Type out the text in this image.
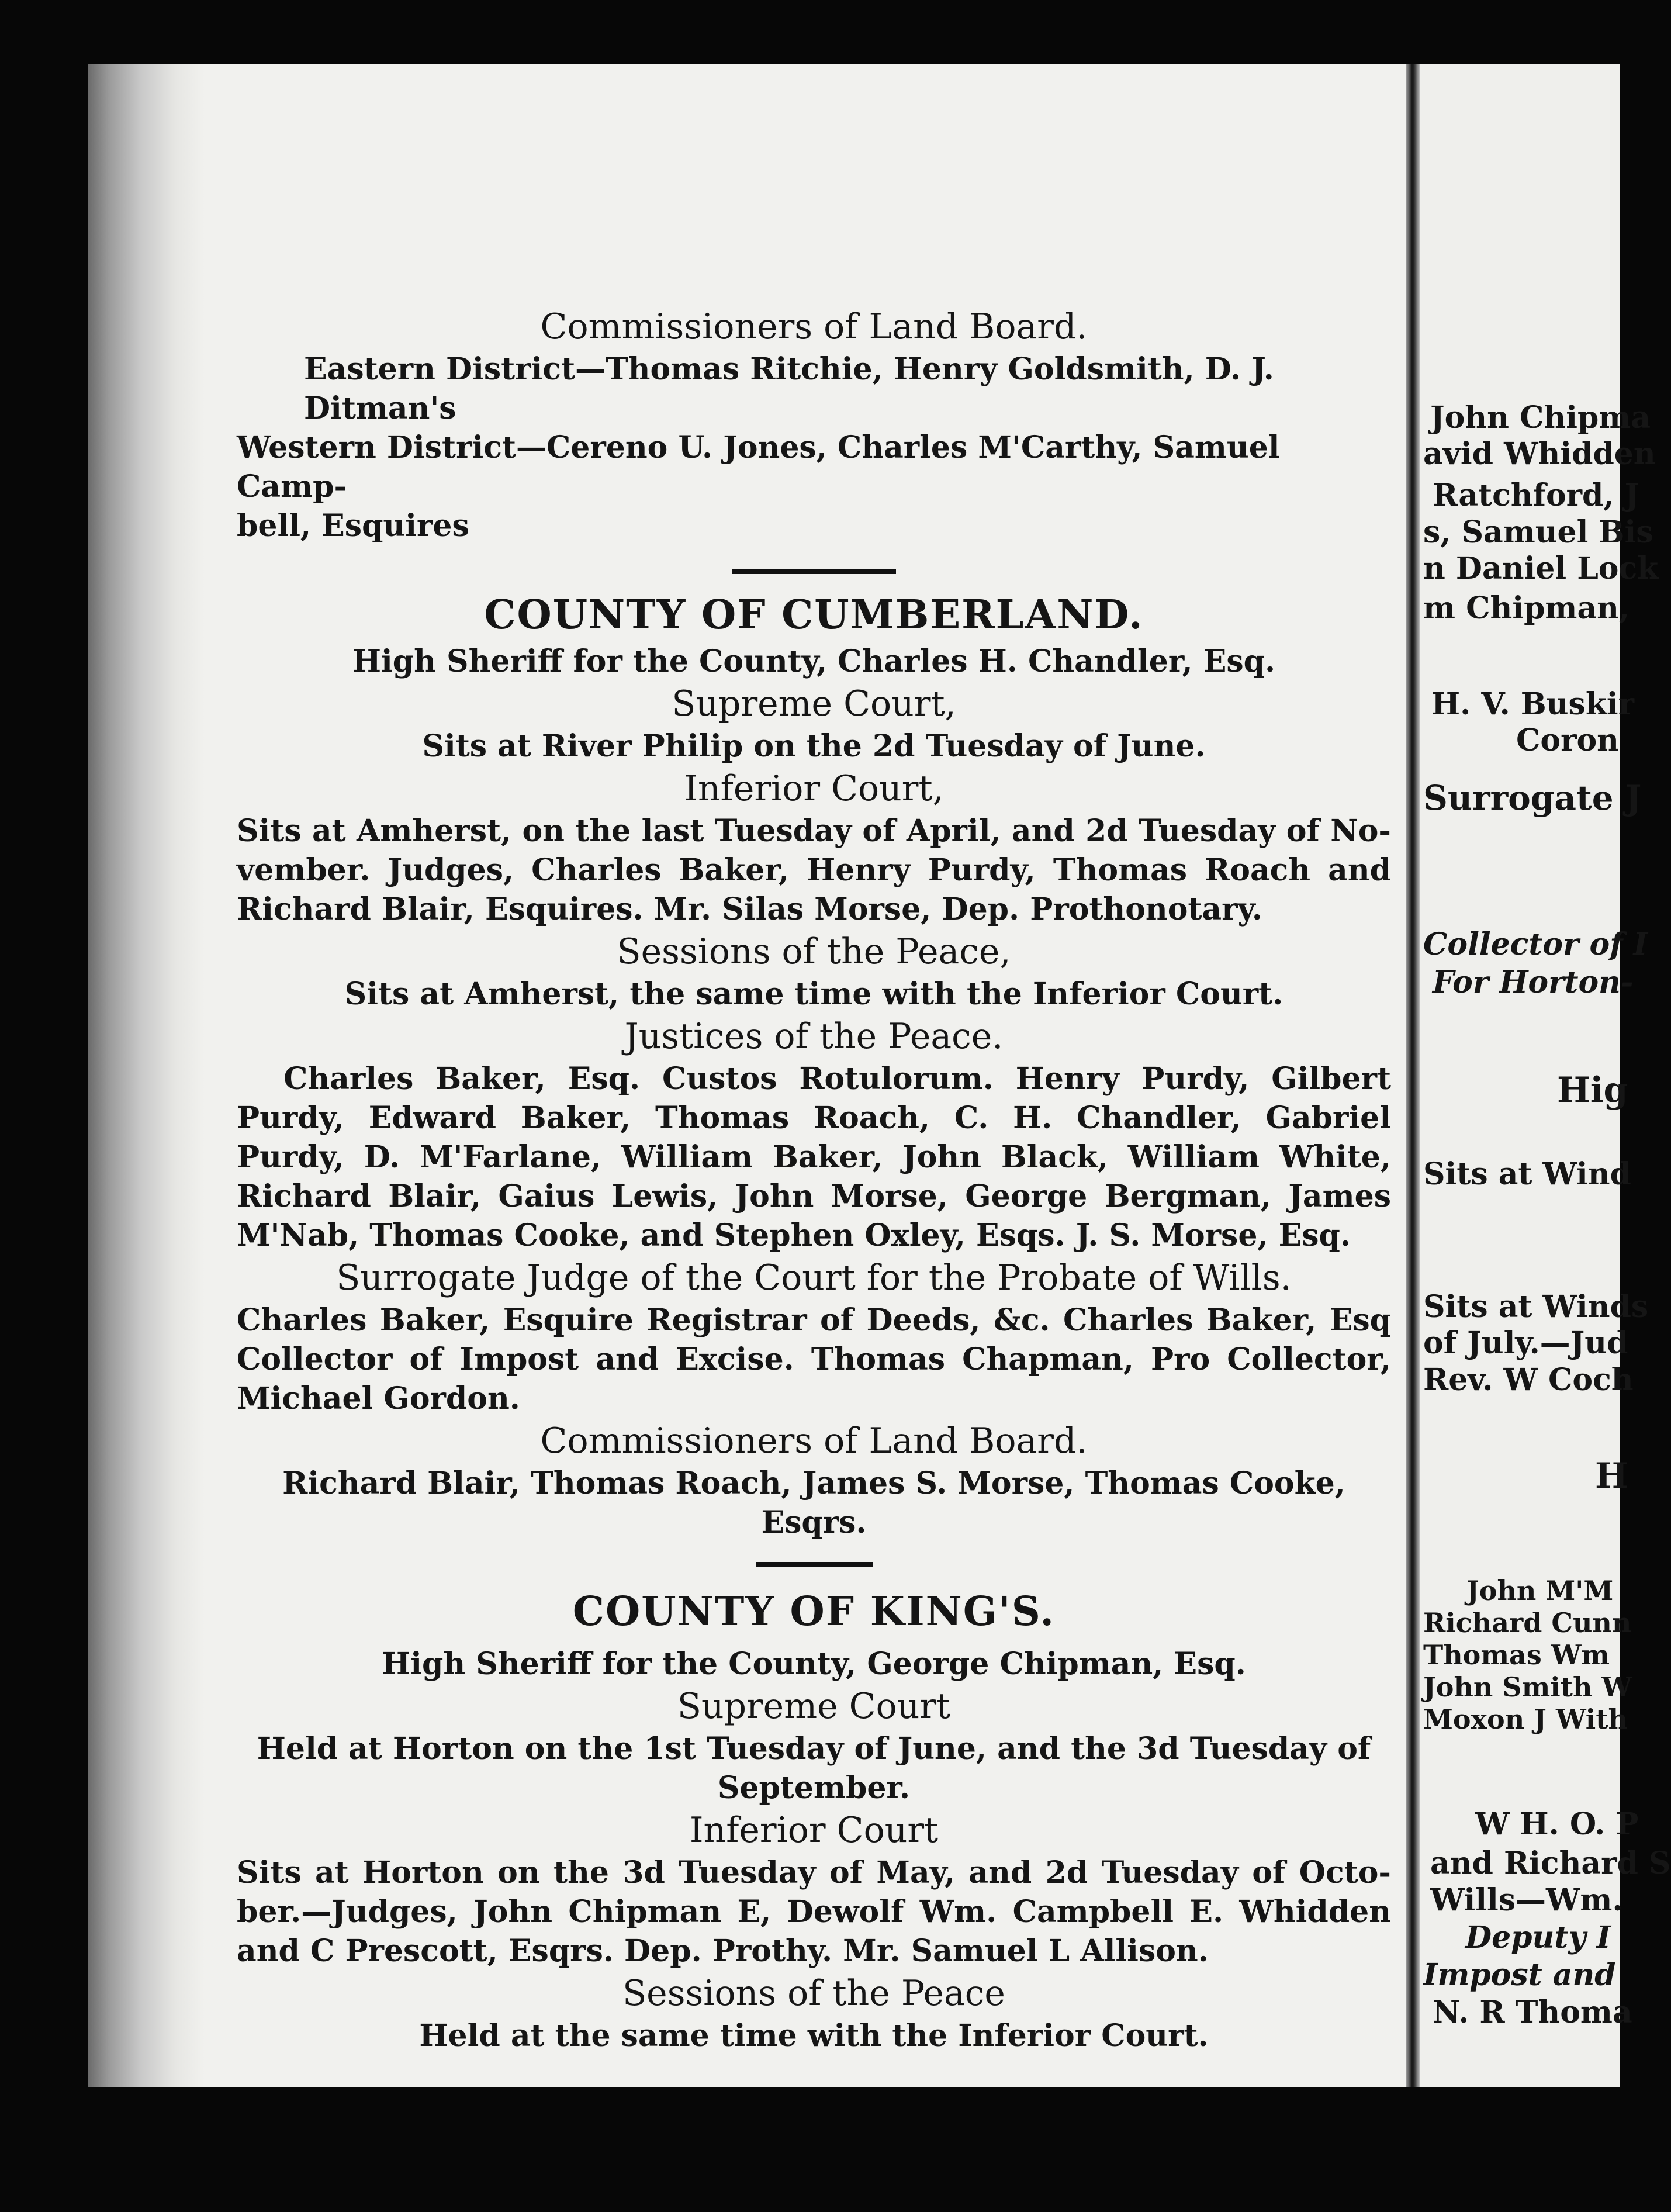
Commissioners of Land Board.
Eastern District—Thomas Ritchie, Henry Goldsmith, D. J. Ditman's
Western District—Cereno U. Jones, Charles M'Carthy, Samuel Camp-
bell, Esquires
COUNTY OF CUMBERLAND.
High Sheriff for the County, Charles H. Chandler, Esq.
Supreme Court,
Sits at River Philip on the 2d Tuesday of June.
Inferior Court,
Sits at Amherst, on the last Tuesday of April, and 2d Tuesday of No-vember. Judges, Charles Baker, Henry Purdy, Thomas Roach and Richard Blair, Esquires. Mr. Silas Morse, Dep. Prothonotary.
Sessions of the Peace,
Sits at Amherst, the same time with the Inferior Court.
Justices of the Peace.
Charles Baker, Esq. Custos Rotulorum. Henry Purdy, Gilbert Purdy, Edward Baker, Thomas Roach, C. H. Chandler, Gabriel Purdy, D. M'Farlane, William Baker, John Black, William White, Richard Blair, Gaius Lewis, John Morse, George Bergman, James M'Nab, Thomas Cooke, and Stephen Oxley, Esqs. J. S. Morse, Esq.
Surrogate Judge of the Court for the Probate of Wills.
Charles Baker, Esquire Registrar of Deeds, &c. Charles Baker, Esq Collector of Impost and Excise. Thomas Chapman, Pro Collector, Michael Gordon.
Commissioners of Land Board.
Richard Blair, Thomas Roach, James S. Morse, Thomas Cooke, Esqrs.
COUNTY OF KING'S.
High Sheriff for the County, George Chipman, Esq.
Supreme Court
Held at Horton on the 1st Tuesday of June, and the 3d Tuesday of September.
Inferior Court
Sits at Horton on the 3d Tuesday of May, and 2d Tuesday of Octo-ber.—Judges, John Chipman E, Dewolf Wm. Campbell E. Whidden and C Prescott, Esqrs. Dep. Prothy. Mr. Samuel L Allison.
Sessions of the Peace
Held at the same time with the Inferior Court.
John Chipma
avid Whidden
Ratchford, J
s, Samuel Bis
n Daniel Lock
m Chipman,
H. V. Buskir
Coron
Surrogate J
Collector of I
For Horton-
Hig
Sits at Wind
Sits at Winds
of July.—Jud
Rev. W Coch
H
John M'M
Richard Cunn
Thomas Wm
John Smith W
Moxon J With
W H. O. P
and Richard S
Wills—Wm.
Deputy I
Impost and
N. R Thoma
